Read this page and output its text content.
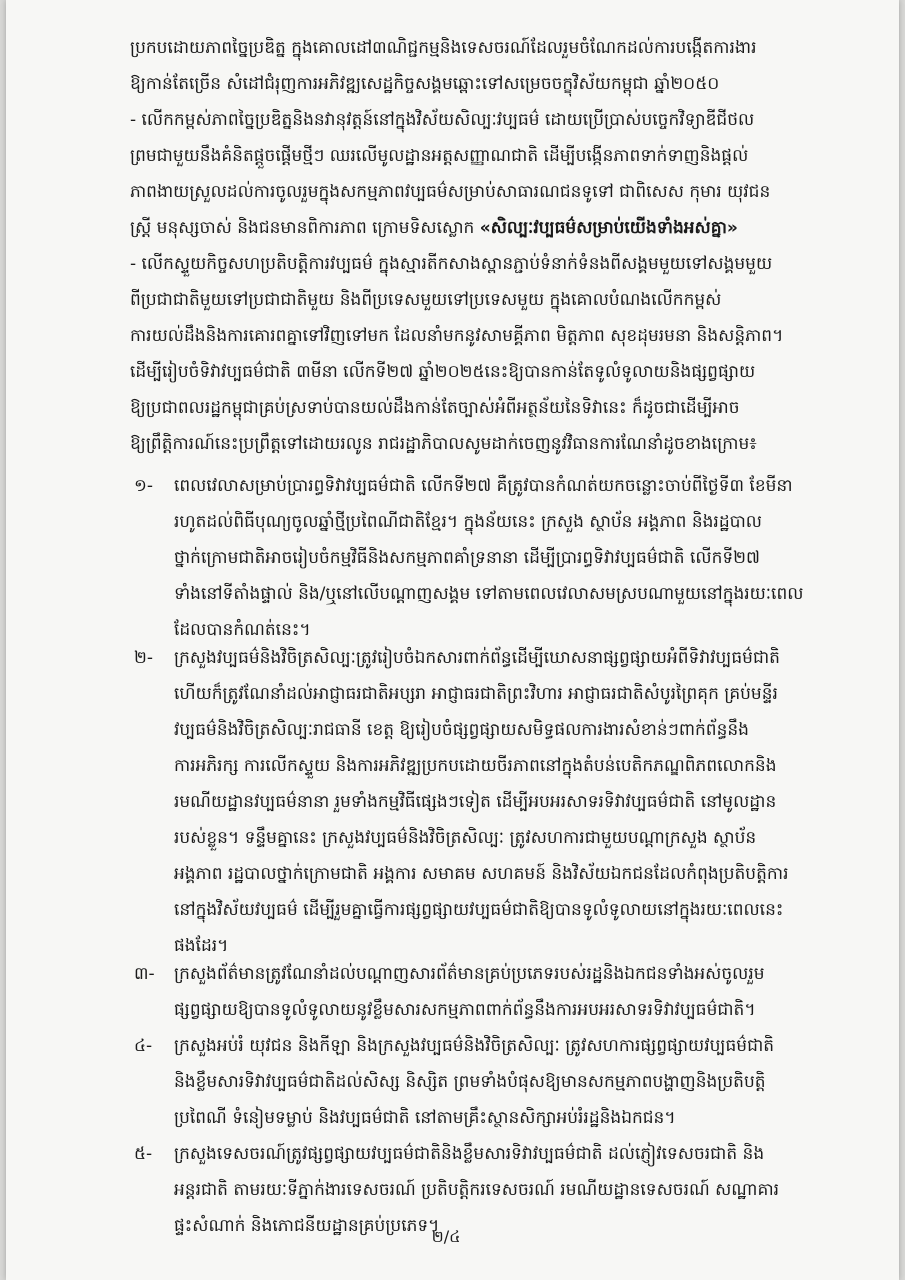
ប្រកបដោយភាពច្នៃប្រឌិត្ន ក្នុងគោលដៅ៣ណិជ្ជកម្មនិងទេសចរណ៍ដែលរួមចំណែកដល់ការបង្កើតការងារ

ឱ្យកាន់តែច្រើន សំដៅជំរុញការអភិវឌ្ឍសេដ្ឋកិច្ចសង្គមឆ្ពោះទៅសម្រេចចក្ខុវិស័យកម្ពុជា ឆ្នាំ២០៥០

- លើកកម្ពស់ភាពច្នៃប្រឌិត្ននិងនវានុវត្តន៍នៅក្នុងវិស័យសិល្បៈវប្បធម៌ ដោយប្រើប្រាស់បច្ចេកវិទ្យាឌីជីថល

ព្រមជាមួយនឹងគំនិតផ្តួចផ្តើមថ្មីៗ ឈរលើមូលដ្ឋានអត្តសញ្ញាណជាតិ ដើម្បីបង្កើនភាពទាក់ទាញនិងផ្តល់

ភាពងាយស្រួលដល់ការចូលរួមក្នុងសកម្មភាពវប្បធម៌សម្រាប់សាធារណជនទូទៅ ជាពិសេស កុមារ យុវជន

ស្ត្រី មនុស្សចាស់ និងជនមានពិការភាព ក្រោមទិសស្លោក «សិល្បៈវប្បធម៌សម្រាប់យើងទាំងអស់គ្នា»

- លើកស្ទួយកិច្ចសហប្រតិបត្តិការវប្បធម៌ ក្នុងស្មារតីកសាងស្ពានភ្ជាប់ទំនាក់ទំនងពីសង្គមមួយទៅសង្គមមួយ

ពីប្រជាជាតិមួយទៅប្រជាជាតិមួយ និងពីប្រទេសមួយទៅប្រទេសមួយ ក្នុងគោលបំណងលើកកម្ពស់

ការយល់ដឹងនិងការគោរពគ្នាទៅវិញទៅមក ដែលនាំមកនូវសាមគ្គីភាព មិត្តភាព សុខដុមរមនា និងសន្តិភាព។

ដើម្បីរៀបចំទិវាវប្បធម៌ជាតិ ៣មីនា លើកទី២៧ ឆ្នាំ២០២៥នេះឱ្យបានកាន់តែទូលំទូលាយនិងផ្សព្វផ្សាយ

ឱ្យប្រជាពលរដ្ឋកម្ពុជាគ្រប់ស្រទាប់បានយល់ដឹងកាន់តែច្បាស់អំពីអត្ថន័យនៃទិវានេះ ក៏ដូចជាដើម្បីអាច

ឱ្យព្រឹត្តិការណ៍នេះប្រព្រឹត្តទៅដោយរលូន រាជរដ្ឋាភិបាលសូមដាក់ចេញនូវវិធានការណែនាំដូចខាងក្រោម៖

១- ពេលវេលាសម្រាប់ប្រារព្ធទិវាវប្បធម៌ជាតិ លើកទី២៧ គឺត្រូវបានកំណត់យកចន្លោះចាប់ពីថ្ងៃទី៣ ខែមីនា

រហូតដល់ពិធីបុណ្យចូលឆ្នាំថ្មីប្រពៃណីជាតិខ្មែរ។ ក្នុងន័យនេះ ក្រសួង ស្ថាប័ន អង្គភាព និងរដ្ឋបាល

ថ្នាក់ក្រោមជាតិអាចរៀបចំកម្មវិធីនិងសកម្មភាពគាំទ្រនានា ដើម្បីប្រារព្ធទិវាវប្បធម៌ជាតិ លើកទី២៧

ទាំងនៅទីតាំងផ្ទាល់ និង/ឬនៅលើបណ្តាញសង្គម ទៅតាមពេលវេលាសមស្របណាមួយនៅក្នុងរយៈពេល

ដែលបានកំណត់នេះ។

២- ក្រសួងវប្បធម៌និងវិចិត្រសិល្បៈត្រូវរៀបចំឯកសារពាក់ព័ន្ធដើម្បីឃោសនាផ្សព្វផ្សាយអំពីទិវាវប្បធម៌ជាតិ

ហើយក៏ត្រូវណែនាំដល់អាជ្ញាធរជាតិអប្សរា អាជ្ញាធរជាតិព្រះវិហារ អាជ្ញាធរជាតិសំបូរព្រៃគុក គ្រប់មន្ទីរ

វប្បធម៌និងវិចិត្រសិល្បៈរាជធានី ខេត្ត ឱ្យរៀបចំផ្សព្វផ្សាយសមិទ្ធផលការងារសំខាន់ៗពាក់ព័ន្ធនឹង

ការអភិរក្ស ការលើកស្ទួយ និងការអភិវឌ្ឍប្រកបដោយចីរភាពនៅក្នុងតំបន់បេតិកភណ្ឌពិភពលោកនិង

រមណីយដ្ឋានវប្បធម៌នានា រួមទាំងកម្មវិធីផ្សេងៗទៀត ដើម្បីអបអរសាទរទិវាវប្បធម៌ជាតិ នៅមូលដ្ឋាន

របស់ខ្លួន។ ទន្ទឹមគ្នានេះ ក្រសួងវប្បធម៌និងវិចិត្រសិល្បៈ ត្រូវសហការជាមួយបណ្តាក្រសួង ស្ថាប័ន

អង្គភាព រដ្ឋបាលថ្នាក់ក្រោមជាតិ អង្គការ សមាគម សហគមន៍ និងវិស័យឯកជនដែលកំពុងប្រតិបត្តិការ

នៅក្នុងវិស័យវប្បធម៌ ដើម្បីរួមគ្នាធ្វើការផ្សព្វផ្សាយវប្បធម៌ជាតិឱ្យបានទូលំទូលាយនៅក្នុងរយៈពេលនេះ

ផងដែរ។

៣- ក្រសួងព័ត៌មានត្រូវណែនាំដល់បណ្តាញសារព័ត៌មានគ្រប់ប្រភេទរបស់រដ្ឋនិងឯកជនទាំងអស់ចូលរួម

ផ្សព្វផ្សាយឱ្យបានទូលំទូលាយនូវខ្លឹមសារសកម្មភាពពាក់ព័ន្ធនឹងការអបអរសាទរទិវាវប្បធម៌ជាតិ។

៤- ក្រសួងអប់រំ យុវជន និងកីឡា និងក្រសួងវប្បធម៌និងវិចិត្រសិល្បៈ ត្រូវសហការផ្សព្វផ្សាយវប្បធម៌ជាតិ

និងខ្លឹមសារទិវាវប្បធម៌ជាតិដល់សិស្ស និស្សិត ព្រមទាំងបំផុសឱ្យមានសកម្មភាពបង្ហាញនិងប្រតិបត្តិ

ប្រពៃណី ទំនៀមទម្លាប់ និងវប្បធម៌ជាតិ នៅតាមគ្រឹះស្ថានសិក្សាអប់រំរដ្ឋនិងឯកជន។

៥- ក្រសួងទេសចរណ៍ត្រូវផ្សព្វផ្សាយវប្បធម៌ជាតិនិងខ្លឹមសារទិវាវប្បធម៌ជាតិ ដល់ភ្ញៀវទេសចរជាតិ និង

អន្តរជាតិ តាមរយៈទីភ្នាក់ងារទេសចរណ៍ ប្រតិបត្តិករទេសចរណ៍ រមណីយដ្ឋានទេសចរណ៍ សណ្ឋាគារ

ផ្ទះសំណាក់ និងភោជនីយដ្ឋានគ្រប់ប្រភេទ។

២/៤
